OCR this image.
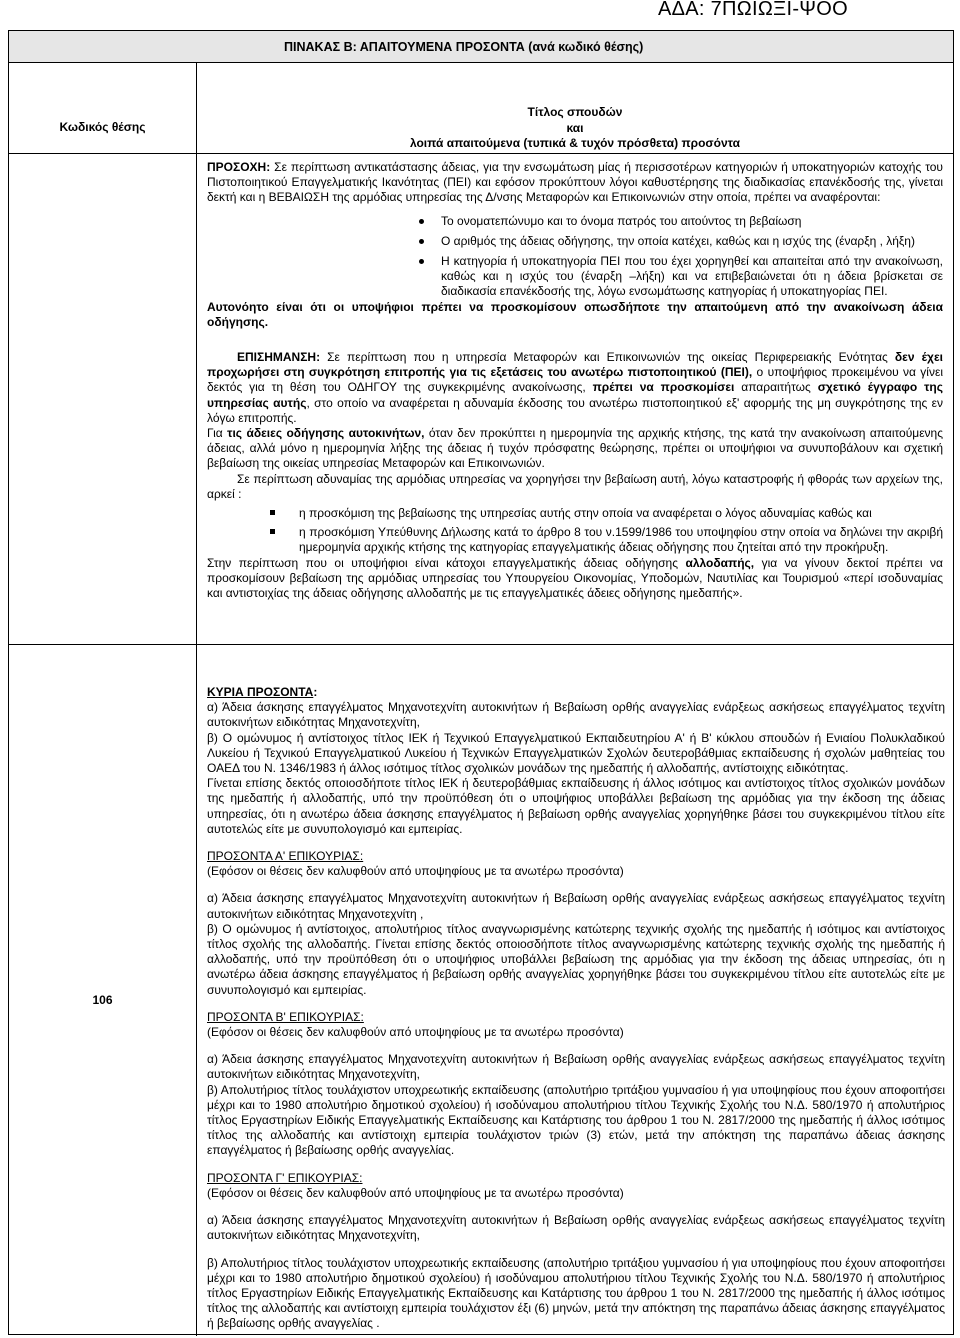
ΑΔΑ: 7ΠΩΙΩΞΙ-ΨΟΟ
ΠΙΝΑΚΑΣ Β: ΑΠΑΙΤΟΥΜΕΝΑ ΠΡΟΣΟΝΤΑ (ανά κωδικό θέσης)
Κωδικός θέσης
Τίτλος σπουδών
και
λοιπά απαιτούμενα (τυπικά & τυχόν πρόσθετα) προσόντα

ΠΡΟΣΟΧΗ: Σε περίπτωση αντικατάστασης άδειας, για την ενσωμάτωση μίας ή περισσοτέρων κατηγοριών ή υποκατηγοριών κατοχής του Πιστοποιητικού Επαγγελματικής Ικανότητας (ΠΕΙ) και εφόσον προκύπτουν λόγοι καθυστέρησης της διαδικασίας επανέκδοσής της, γίνεται δεκτή και η ΒΕΒΑΙΩΣΗ της αρμόδιας υπηρεσίας της Δ/νσης Μεταφορών και Επικοινωνιών στην οποία, πρέπει να αναφέρονται:

Το ονοματεπώνυμο και το όνομα πατρός του αιτούντος τη βεβαίωση

Ο αριθμός της άδειας οδήγησης, την οποία κατέχει, καθώς και η ισχύς της (έναρξη , λήξη)

Η κατηγορία ή υποκατηγορία ΠΕΙ που του έχει χορηγηθεί και απαιτείται από την ανακοίνωση, καθώς και η ισχύς του (έναρξη –λήξη) και να επιβεβαιώνεται ότι η άδεια βρίσκεται σε διαδικασία επανέκδοσής της, λόγω ενσωμάτωσης κατηγορίας ή υποκατηγορίας ΠΕΙ.

Αυτονόητο είναι ότι οι υποψήφιοι πρέπει να προσκομίσουν οπωσδήποτε την απαιτούμενη από την ανακοίνωση άδεια οδήγησης.

ΕΠΙΣΗΜΑΝΣΗ: Σε περίπτωση που η υπηρεσία Μεταφορών και Επικοινωνιών της οικείας Περιφερειακής Ενότητας δεν έχει προχωρήσει στη συγκρότηση επιτροπής για τις εξετάσεις του ανωτέρω πιστοποιητικού (ΠΕΙ), ο υποψήφιος προκειμένου να γίνει δεκτός για τη θέση του ΟΔΗΓΟΥ της συγκεκριμένης ανακοίνωσης, πρέπει να προσκομίσει απαραιτήτως σχετικό έγγραφο της υπηρεσίας αυτής, στο οποίο να αναφέρεται η αδυναμία έκδοσης του ανωτέρω πιστοποιητικού εξ' αφορμής της μη συγκρότησης της εν λόγω επιτροπής.

Για τις άδειες οδήγησης αυτοκινήτων, όταν δεν προκύπτει η ημερομηνία της αρχικής κτήσης, της κατά την ανακοίνωση απαιτούμενης άδειας, αλλά μόνο η ημερομηνία λήξης της άδειας ή τυχόν πρόσφατης θεώρησης, πρέπει οι υποψήφιοι να συνυποβάλουν και σχετική βεβαίωση της οικείας υπηρεσίας Μεταφορών και Επικοινωνιών.

Σε περίπτωση αδυναμίας της αρμόδιας υπηρεσίας να χορηγήσει την βεβαίωση αυτή, λόγω καταστροφής ή φθοράς των αρχείων της, αρκεί :

η προσκόμιση της βεβαίωσης της υπηρεσίας αυτής στην οποία να αναφέρεται ο λόγος αδυναμίας καθώς και

η προσκόμιση Υπεύθυνης Δήλωσης κατά το άρθρο 8 του ν.1599/1986 του υποψηφίου στην οποία να δηλώνει την ακριβή ημερομηνία αρχικής κτήσης της κατηγορίας επαγγελματικής άδειας οδήγησης που ζητείται από την προκήρυξη.

Στην περίπτωση που οι υποψήφιοι είναι κάτοχοι επαγγελματικής άδειας οδήγησης αλλοδαπής, για να γίνουν δεκτοί πρέπει να προσκομίσουν βεβαίωση της αρμόδιας υπηρεσίας του Υπουργείου Οικονομίας, Υποδομών, Ναυτιλίας και Τουρισμού «περί ισοδυναμίας και αντιστοιχίας της άδειας οδήγησης αλλοδαπής με τις επαγγελματικές άδειες οδήγησης ημεδαπής».

106

ΚΥΡΙΑ ΠΡΟΣΟΝΤΑ:

α) Άδεια άσκησης επαγγέλματος Μηχανοτεχνίτη αυτοκινήτων ή Βεβαίωση ορθής αναγγελίας ενάρξεως ασκήσεως επαγγέλματος τεχνίτη αυτοκινήτων ειδικότητας Μηχανοτεχνίτη,

β) Ο ομώνυμος ή αντίστοιχος τίτλος ΙΕΚ ή Τεχνικού Επαγγελματικού Εκπαιδευτηρίου Α' ή Β' κύκλου σπουδών ή Ενιαίου Πολυκλαδικού Λυκείου ή Τεχνικού Επαγγελματικού Λυκείου ή Τεχνικών Επαγγελματικών Σχολών δευτεροβάθμιας εκπαίδευσης ή σχολών μαθητείας του ΟΑΕΔ του Ν. 1346/1983 ή άλλος ισότιμος τίτλος σχολικών μονάδων της ημεδαπής ή αλλοδαπής, αντίστοιχης ειδικότητας.

Γίνεται επίσης δεκτός οποιοσδήποτε τίτλος ΙΕΚ ή δευτεροβάθμιας εκπαίδευσης ή άλλος ισότιμος και αντίστοιχος τίτλος σχολικών μονάδων της ημεδαπής ή αλλοδαπής, υπό την προϋπόθεση ότι ο υποψήφιος υποβάλλει βεβαίωση της αρμόδιας για την έκδοση της άδειας υπηρεσίας, ότι η ανωτέρω άδεια άσκησης επαγγέλματος ή βεβαίωση ορθής αναγγελίας χορηγήθηκε βάσει του συγκεκριμένου τίτλου είτε αυτοτελώς είτε με συνυπολογισμό και εμπειρίας.

ΠΡΟΣΟΝΤΑ Α' ΕΠΙΚΟΥΡΙΑΣ:

(Εφόσον οι θέσεις δεν καλυφθούν από υποψηφίους με τα ανωτέρω προσόντα)

α) Άδεια άσκησης επαγγέλματος Μηχανοτεχνίτη αυτοκινήτων ή Βεβαίωση ορθής αναγγελίας ενάρξεως ασκήσεως επαγγέλματος τεχνίτη αυτοκινήτων ειδικότητας Μηχανοτεχνίτη ,

β) Ο ομώνυμος ή αντίστοιχος, απολυτήριος τίτλος αναγνωρισμένης κατώτερης τεχνικής σχολής της ημεδαπής ή ισότιμος και αντίστοιχος τίτλος σχολής της αλλοδαπής. Γίνεται επίσης δεκτός οποιοσδήποτε τίτλος αναγνωρισμένης κατώτερης τεχνικής σχολής της ημεδαπής ή αλλοδαπής, υπό την προϋπόθεση ότι ο υποψήφιος υποβάλλει βεβαίωση της αρμόδιας για την έκδοση της άδειας υπηρεσίας, ότι η ανωτέρω άδεια άσκησης επαγγέλματος ή βεβαίωση ορθής αναγγελίας χορηγήθηκε βάσει του συγκεκριμένου τίτλου είτε αυτοτελώς είτε με συνυπολογισμό και εμπειρίας.

ΠΡΟΣΟΝΤΑ Β' ΕΠΙΚΟΥΡΙΑΣ:

(Εφόσον οι θέσεις δεν καλυφθούν από υποψηφίους με τα ανωτέρω προσόντα)

α) Άδεια άσκησης επαγγέλματος Μηχανοτεχνίτη αυτοκινήτων ή Βεβαίωση ορθής αναγγελίας ενάρξεως ασκήσεως επαγγέλματος τεχνίτη αυτοκινήτων ειδικότητας Μηχανοτεχνίτη,

β) Απολυτήριος τίτλος τουλάχιστον υποχρεωτικής εκπαίδευσης (απολυτήριο τριτάξιου γυμνασίου ή για υποψηφίους που έχουν αποφοιτήσει μέχρι και το 1980 απολυτήριο δημοτικού σχολείου) ή ισοδύναμου απολυτήριου τίτλου Τεχνικής Σχολής του Ν.Δ. 580/1970 ή απολυτήριος τίτλος Εργαστηρίων Ειδικής Επαγγελματικής Εκπαίδευσης και Κατάρτισης του άρθρου 1 του Ν. 2817/2000 της ημεδαπής ή άλλος ισότιμος τίτλος της αλλοδαπής και αντίστοιχη εμπειρία τουλάχιστον τριών (3) ετών, μετά την απόκτηση της παραπάνω άδειας άσκησης επαγγέλματος ή βεβαίωσης ορθής αναγγελίας.

ΠΡΟΣΟΝΤΑ Γ' ΕΠΙΚΟΥΡΙΑΣ:

(Εφόσον οι θέσεις δεν καλυφθούν από υποψηφίους με τα ανωτέρω προσόντα)

α) Άδεια άσκησης επαγγέλματος Μηχανοτεχνίτη αυτοκινήτων ή Βεβαίωση ορθής αναγγελίας ενάρξεως ασκήσεως επαγγέλματος τεχνίτη αυτοκινήτων ειδικότητας Μηχανοτεχνίτη,

β) Απολυτήριος τίτλος τουλάχιστον υποχρεωτικής εκπαίδευσης (απολυτήριο τριτάξιου γυμνασίου ή για υποψηφίους που έχουν αποφοιτήσει μέχρι και το 1980 απολυτήριο δημοτικού σχολείου) ή ισοδύναμου απολυτήριου τίτλου Τεχνικής Σχολής του Ν.Δ. 580/1970 ή απολυτήριος τίτλος Εργαστηρίων Ειδικής Επαγγελματικής Εκπαίδευσης και Κατάρτισης του άρθρου 1 του Ν. 2817/2000 της ημεδαπής ή άλλος ισότιμος τίτλος της αλλοδαπής και αντίστοιχη εμπειρία τουλάχιστον έξι (6) μηνών, μετά την απόκτηση της παραπάνω άδειας άσκησης επαγγέλματος ή βεβαίωσης ορθής αναγγελίας .
